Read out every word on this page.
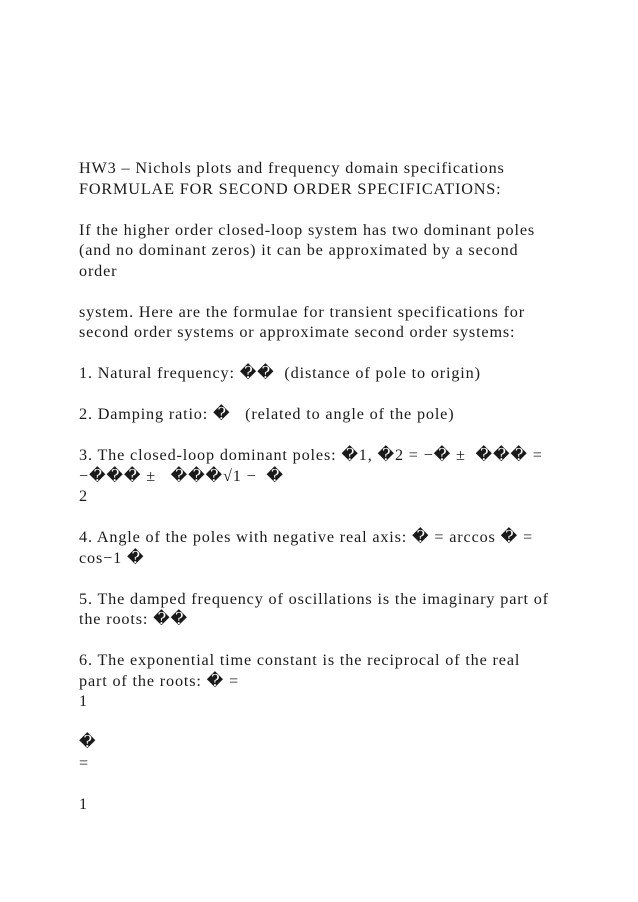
HW3 – Nichols plots and frequency domain specifications
FORMULAE FOR SECOND ORDER SPECIFICATIONS:
If the higher order closed-loop system has two dominant poles
(and no dominant zeros) it can be approximated by a second
order
system. Here are the formulae for transient specifications for
second order systems or approximate second order systems:
1. Natural frequency: ��  (distance of pole to origin)
2. Damping ratio: �   (related to angle of the pole)
3. The closed-loop dominant poles: �1, �2 = −� ±  ��� =
−��� ±   ���√1 −  �
2
4. Angle of the poles with negative real axis: � = arccos � =
cos−1 �
5. The damped frequency of oscillations is the imaginary part of
the roots: ��
6. The exponential time constant is the reciprocal of the real
part of the roots: � =
1
�
=
1
